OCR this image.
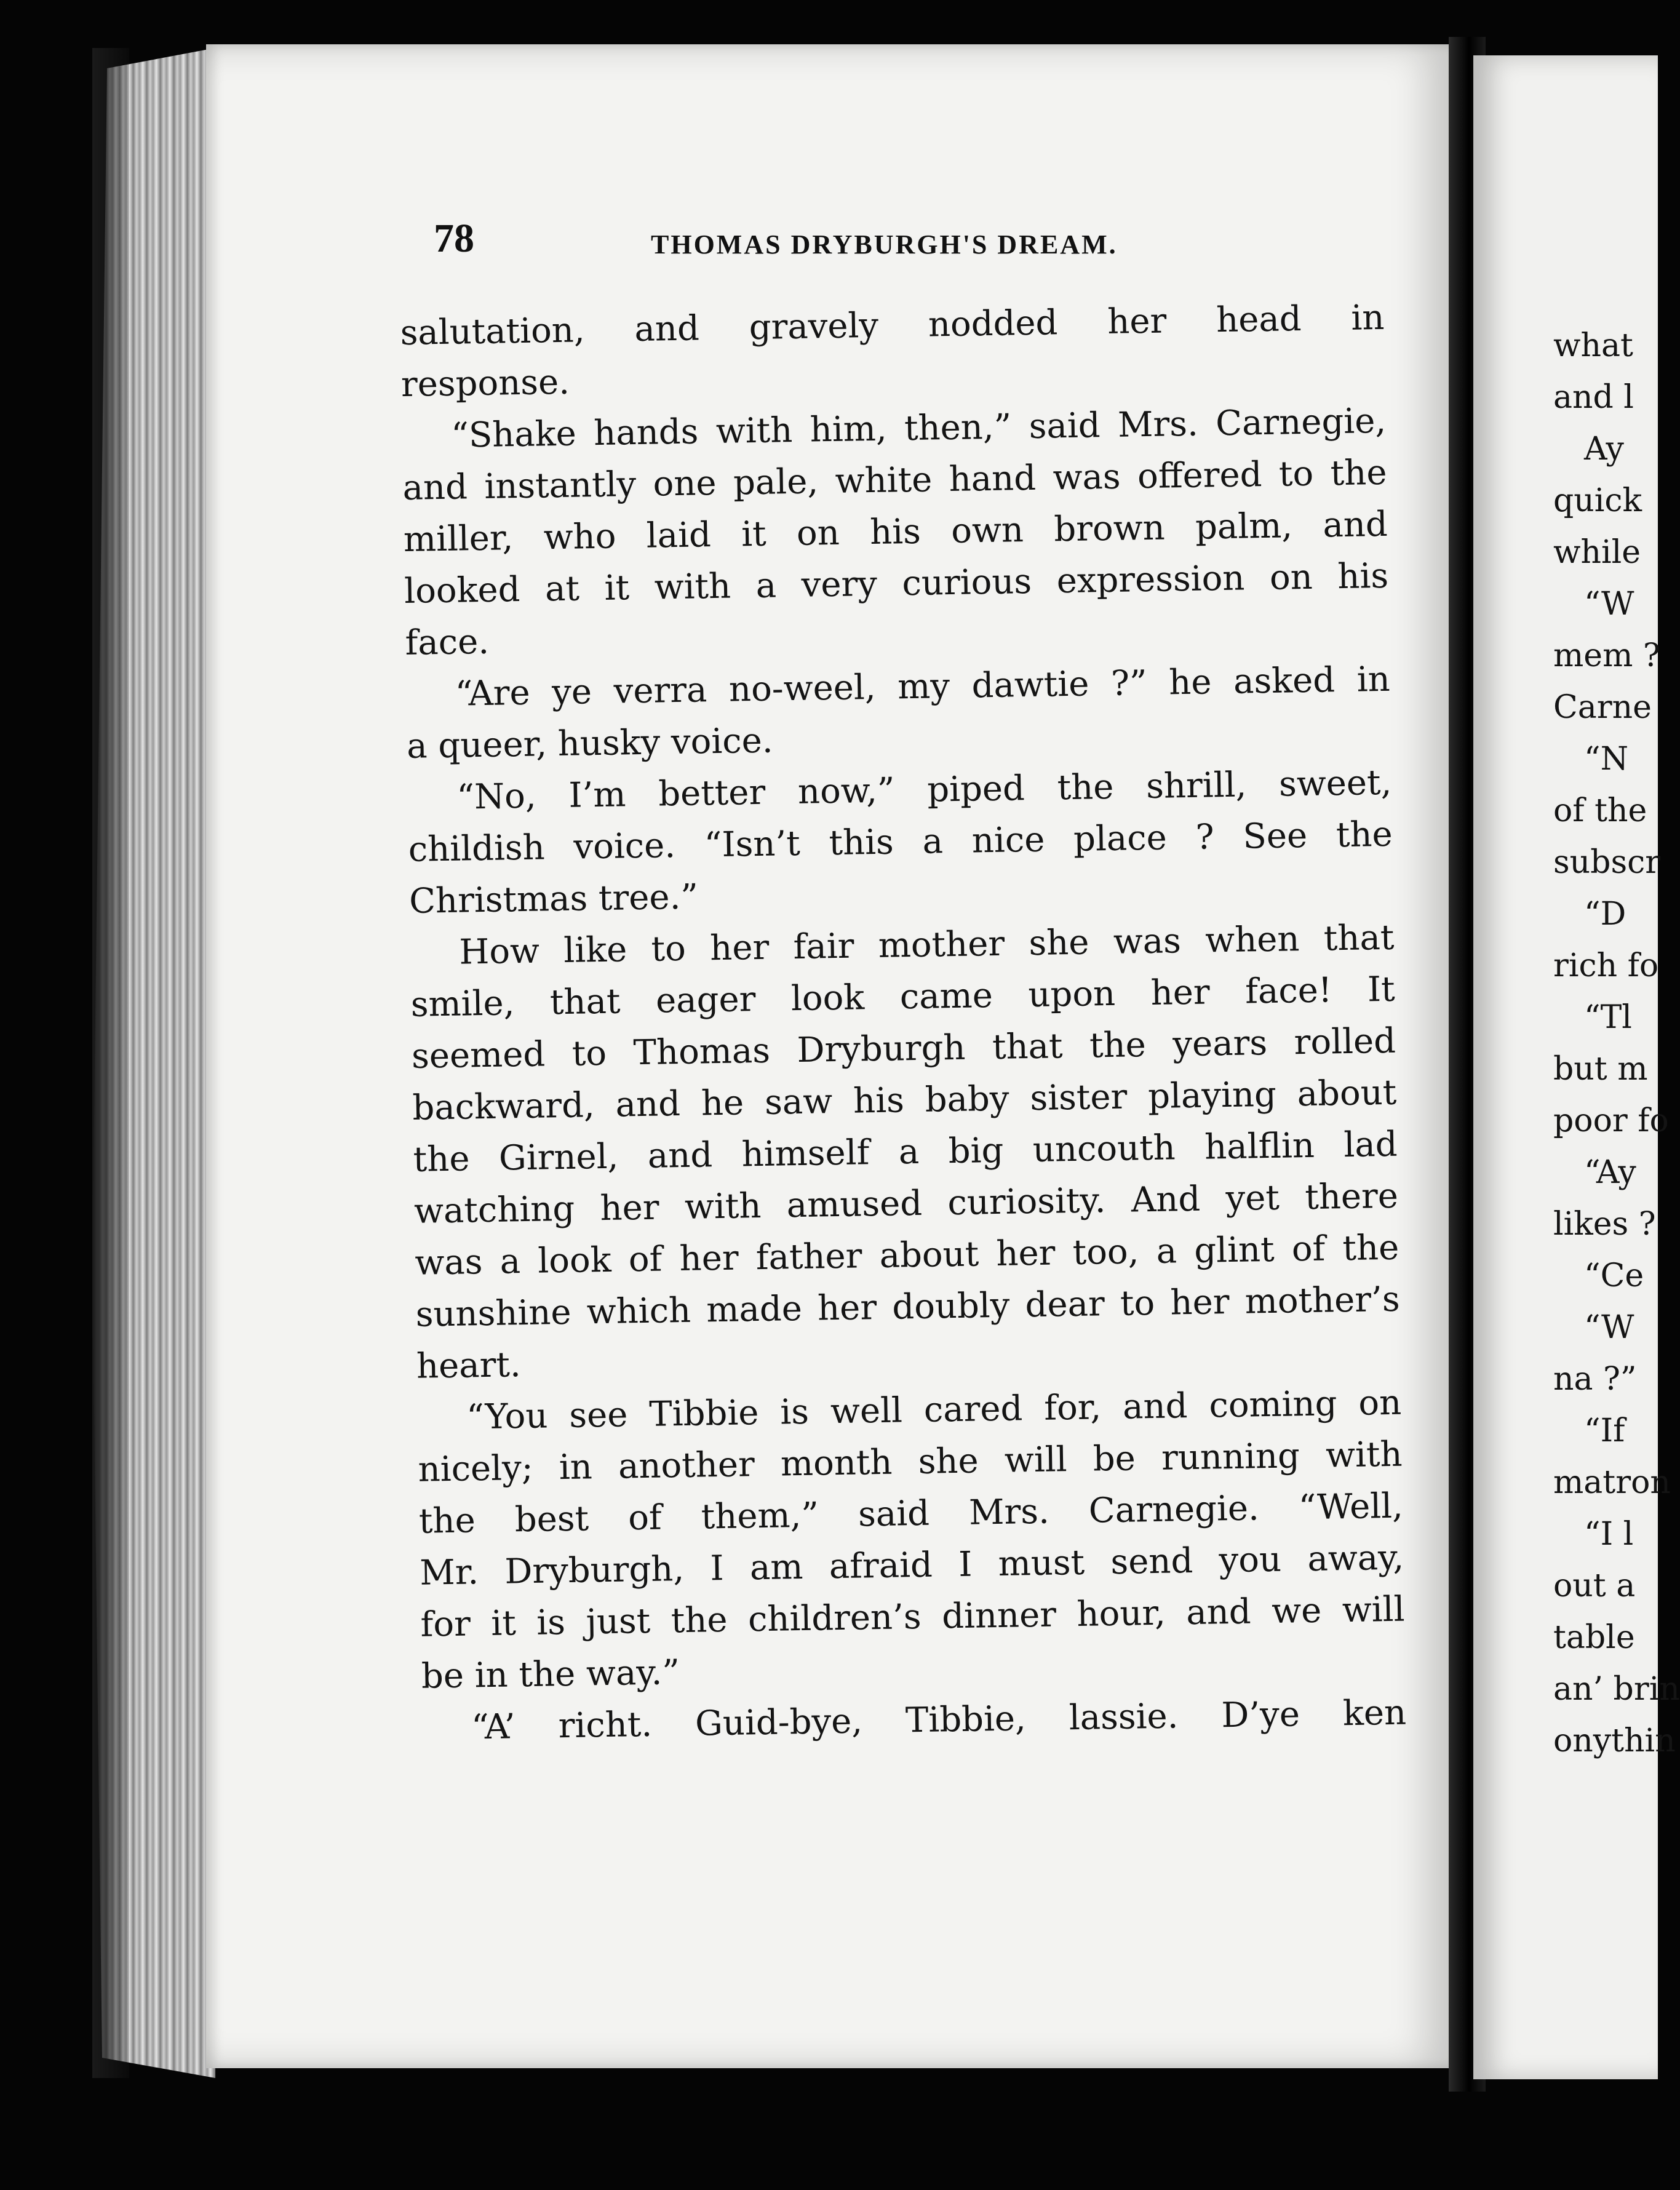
78	THOMAS DRYBURGH'S DREAM.
salutation, and gravely nodded her head in
response.
“Shake hands with him, then,” said Mrs. Carnegie,
and instantly one pale, white hand was offered to the
miller, who laid it on his own brown palm, and
looked at it with a very curious expression on his
face.
“Are ye verra no-weel, my dawtie ?” he asked in
a queer, husky voice.
“No, I’m better now,” piped the shrill, sweet,
childish voice. “Isn’t this a nice place ? See the
Christmas tree.”
How like to her fair mother she was when that
smile, that eager look came upon her face! It
seemed to Thomas Dryburgh that the years rolled
backward, and he saw his baby sister playing about
the Girnel, and himself a big uncouth halflin lad
watching her with amused curiosity. And yet there
was a look of her father about her too, a glint of the
sunshine which made her doubly dear to her mother’s
heart.
“You see Tibbie is well cared for, and coming on
nicely; in another month she will be running with
the best of them,” said Mrs. Carnegie. “Well,
Mr. Dryburgh, I am afraid I must send you away,
for it is just the children’s dinner hour, and we will
be in the way.”
“A’ richt. Guid-bye, Tibbie, lassie. D’ye ken
what
and l
Ay
quick
while
“W
mem ?
Carne
“N
of the
subscr
“D
rich fo
“Tl
but m
poor fo
“Ay
likes ?
“Ce
“W
na ?”
“If
matron
“I l
out a
table
an’ brin
onythin
